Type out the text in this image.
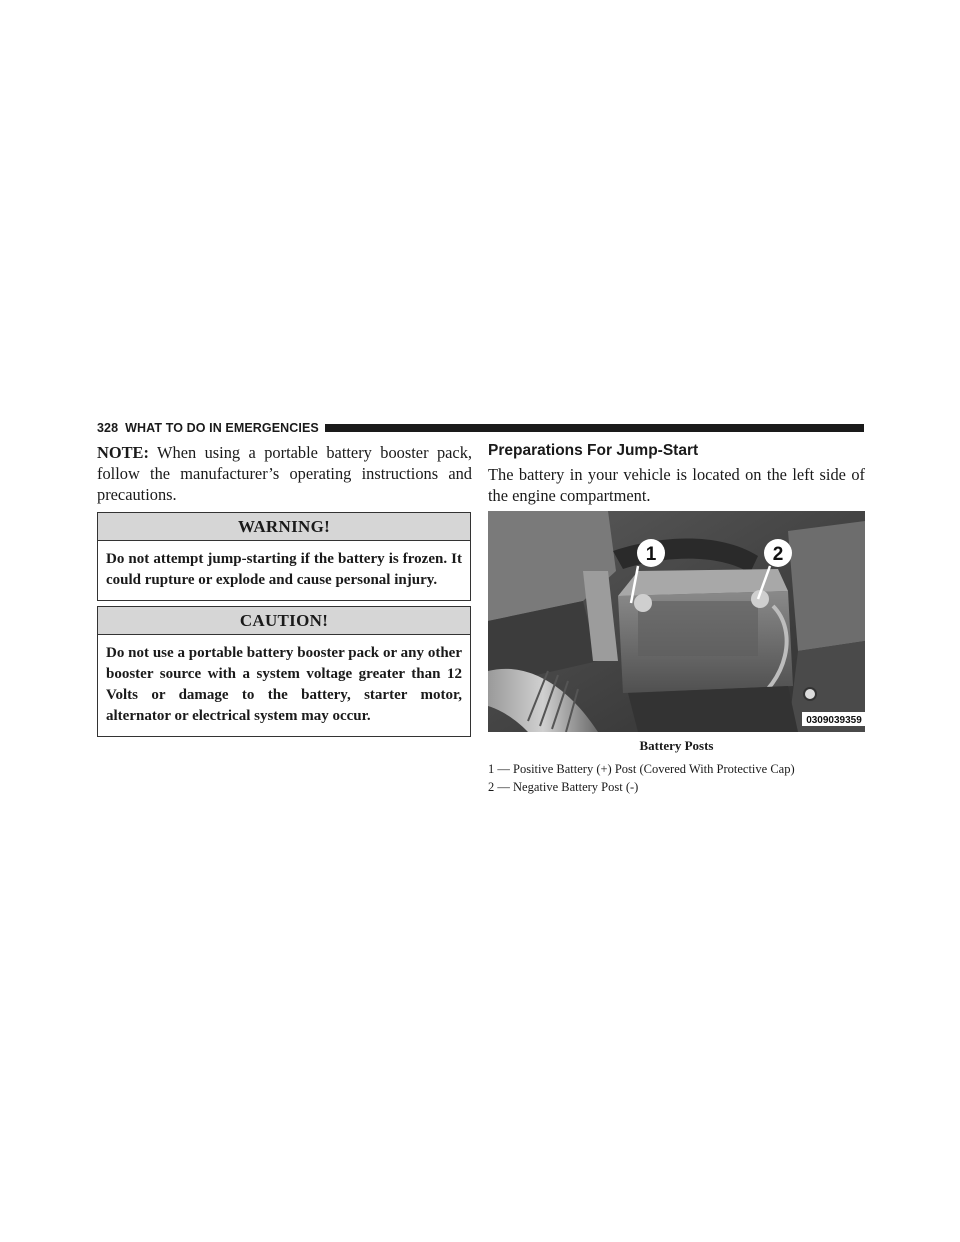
328 WHAT TO DO IN EMERGENCIES

NOTE: When using a portable battery booster pack, follow the manufacturer’s operating instructions and precautions.

WARNING!
Do not attempt jump-starting if the battery is frozen. It could rupture or explode and cause personal injury.
CAUTION!
Do not use a portable battery booster pack or any other booster source with a system voltage greater than 12 Volts or damage to the battery, starter motor, alternator or electrical system may occur.
Preparations For Jump-Start

The battery in your vehicle is located on the left side of the engine compartment.

1	2
0309039359
Battery Posts
1 — Positive Battery (+) Post (Covered With Protective Cap)
2 — Negative Battery Post (-)
